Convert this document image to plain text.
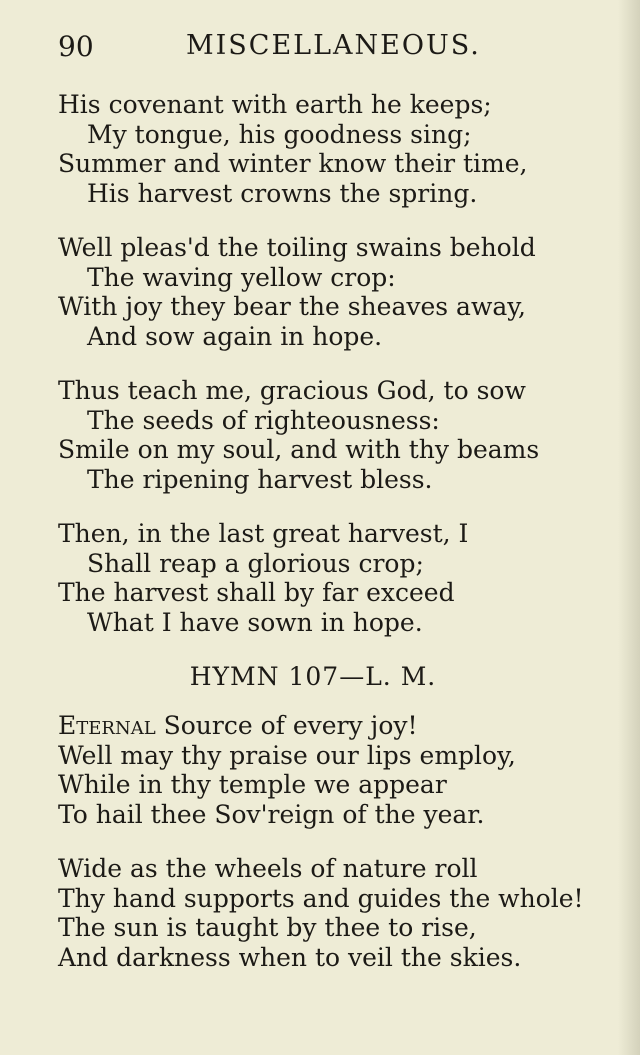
90	MISCELLANEOUS.
His covenant with earth he keeps;
My tongue, his goodness sing;
Summer and winter know their time,
His harvest crowns the spring.
Well pleas'd the toiling swains behold
The waving yellow crop:
With joy they bear the sheaves away,
And sow again in hope.
Thus teach me, gracious God, to sow
The seeds of righteousness:
Smile on my soul, and with thy beams
The ripening harvest bless.
Then, in the last great harvest, I
Shall reap a glorious crop;
The harvest shall by far exceed
What I have sown in hope.
HYMN 107—L. M.
Eternal Source of every joy!
Well may thy praise our lips employ,
While in thy temple we appear
To hail thee Sov'reign of the year.
Wide as the wheels of nature roll
Thy hand supports and guides the whole!
The sun is taught by thee to rise,
And darkness when to veil the skies.
